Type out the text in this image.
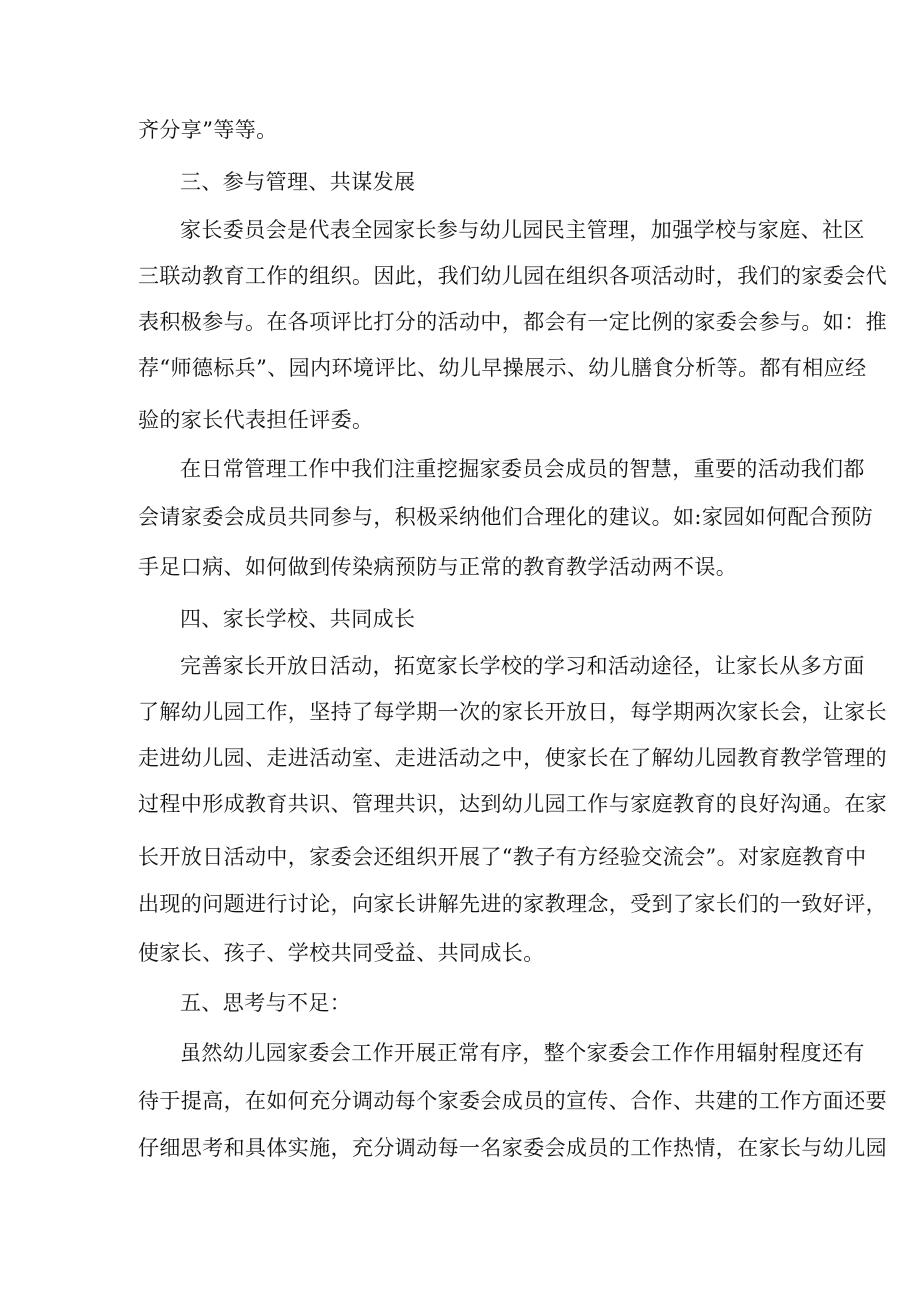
齐分享”等等。
三、参与管理、共谋发展
家长委员会是代表全园家长参与幼儿园民主管理，加强学校与家庭、社区
三联动教育工作的组织。因此，我们幼儿园在组织各项活动时，我们的家委会代
表积极参与。在各项评比打分的活动中，都会有一定比例的家委会参与。如：推
荐“师德标兵”、园内环境评比、幼儿早操展示、幼儿膳食分析等。都有相应经
验的家长代表担任评委。
在日常管理工作中我们注重挖掘家委员会成员的智慧，重要的活动我们都
会请家委会成员共同参与，积极采纳他们合理化的建议。如:家园如何配合预防
手足口病、如何做到传染病预防与正常的教育教学活动两不误。
四、家长学校、共同成长
完善家长开放日活动，拓宽家长学校的学习和活动途径，让家长从多方面
了解幼儿园工作，坚持了每学期一次的家长开放日，每学期两次家长会，让家长
走进幼儿园、走进活动室、走进活动之中，使家长在了解幼儿园教育教学管理的
过程中形成教育共识、管理共识，达到幼儿园工作与家庭教育的良好沟通。在家
长开放日活动中，家委会还组织开展了“教子有方经验交流会”。对家庭教育中
出现的问题进行讨论，向家长讲解先进的家教理念，受到了家长们的一致好评，
使家长、孩子、学校共同受益、共同成长。
五、思考与不足：
虽然幼儿园家委会工作开展正常有序，整个家委会工作作用辐射程度还有
待于提高，在如何充分调动每个家委会成员的宣传、合作、共建的工作方面还要
仔细思考和具体实施，充分调动每一名家委会成员的工作热情，在家长与幼儿园
